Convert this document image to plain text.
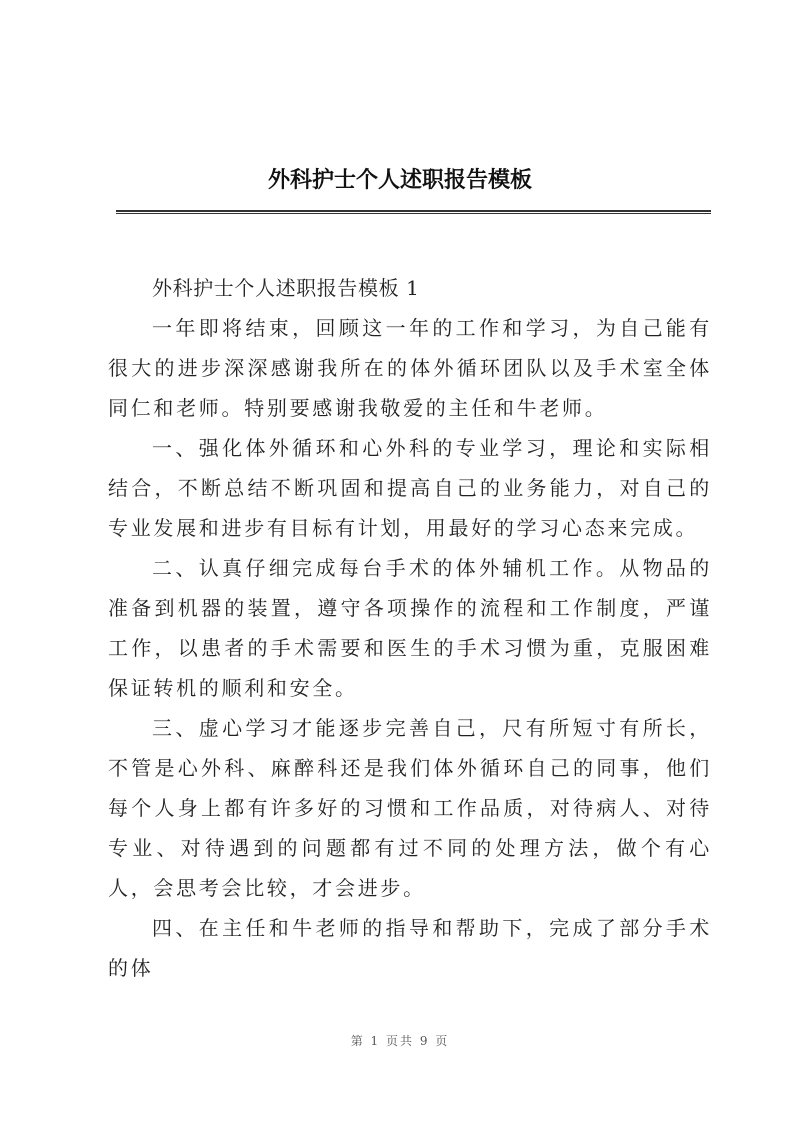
外科护士个人述职报告模板

外科护士个人述职报告模板 1

一年即将结束，回顾这一年的工作和学习，为自己能有很大的进步深深感谢我所在的体外循环团队以及手术室全体同仁和老师。特别要感谢我敬爱的主任和牛老师。

一、强化体外循环和心外科的专业学习，理论和实际相结合，不断总结不断巩固和提高自己的业务能力，对自己的专业发展和进步有目标有计划，用最好的学习心态来完成。

二、认真仔细完成每台手术的体外辅机工作。从物品的准备到机器的装置，遵守各项操作的流程和工作制度，严谨工作，以患者的手术需要和医生的手术习惯为重，克服困难保证转机的顺利和安全。

三、虚心学习才能逐步完善自己，尺有所短寸有所长，不管是心外科、麻醉科还是我们体外循环自己的同事，他们每个人身上都有许多好的习惯和工作品质，对待病人、对待专业、对待遇到的问题都有过不同的处理方法，做个有心人，会思考会比较，才会进步。

四、在主任和牛老师的指导和帮助下，完成了部分手术的体

第 1 页共 9 页
